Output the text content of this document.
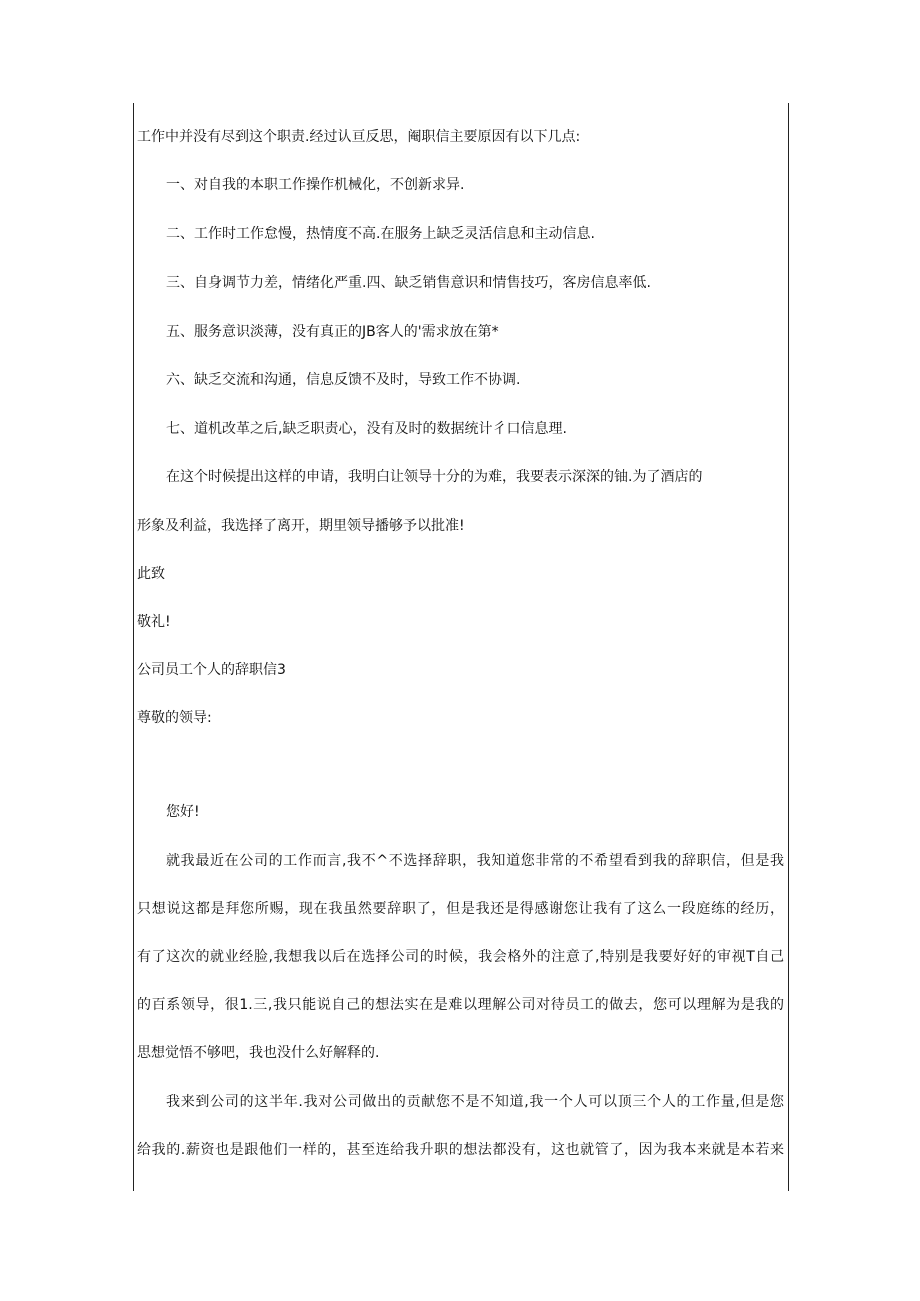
工作中并没有尽到这个职责.经过认亘反思，阉职信主要原因有以下几点:

一、对自我的本职工作操作机械化，不创新求异.

二、工作时工作怠慢，热情度不高.在服务上缺乏灵活信息和主动信息.

三、自身调节力差，情绪化严重.四、缺乏销售意识和情售技巧，客房信息率低.

五、服务意识淡薄，没有真正的JB客人的'需求放在第*

六、缺乏交流和沟通，信息反馈不及时，导致工作不协调.

七、道机改革之后,缺乏职责心，没有及时的数据统计彳口信息理.

在这个时候提出这样的申请，我明白让领导十分的为难，我要表示深深的铀.为了酒店的

形象及利益，我选择了离开，期里领导播够予以批准!

此致

敬礼!

公司员工个人的辞职信3

尊敬的领导:

您好!

就我最近在公司的工作而言,我不^不选择辞职，我知道您非常的不希望看到我的辞职信，但是我

只想说这都是拜您所赐，现在我虽然要辞职了，但是我还是得感谢您让我有了这么一段庭练的经历，

有了这次的就业经脸,我想我以后在选择公司的时候，我会格外的注意了,特别是我要好好的审视T自己

的百系领导，很1.三,我只能说自己的想法实在是难以理解公司对待员工的做去，您可以理解为是我的

思想觉悟不够吧，我也没什么好解释的.

我来到公司的这半年.我对公司做出的贡献您不是不知道,我一个人可以顶三个人的工作量,但是您

给我的.薪资也是跟他们一样的，甚至连给我升职的想法都没有，这也就管了，因为我本来就是本若来
